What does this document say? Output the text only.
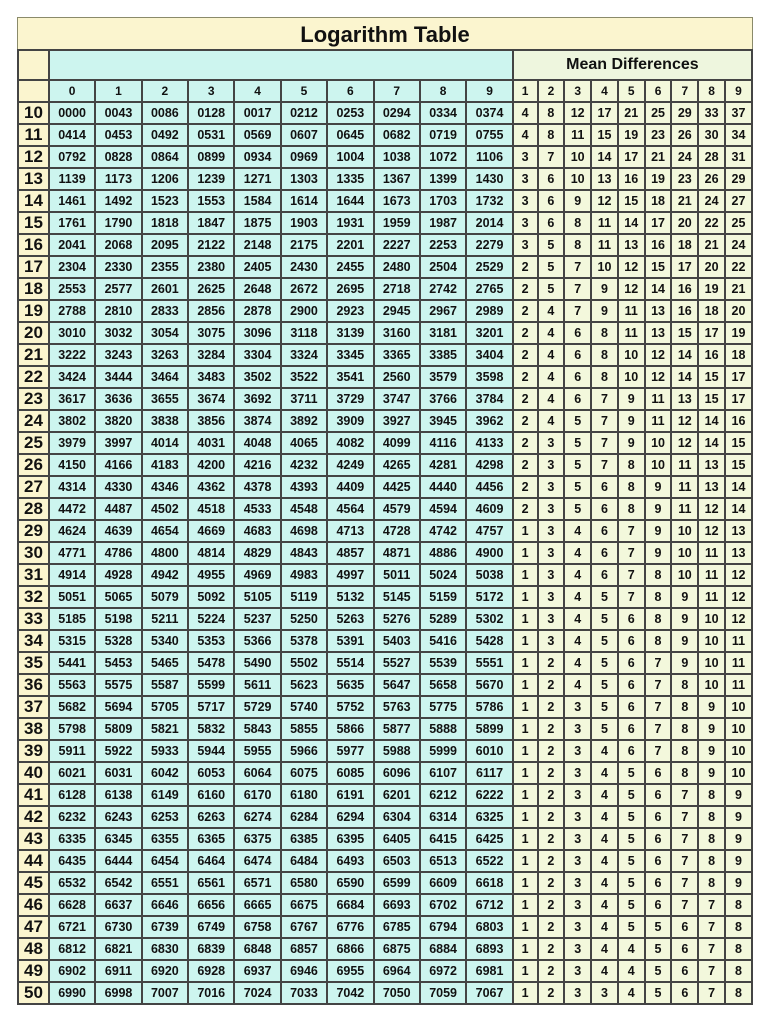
Logarithm Table
											Mean Differences								
	0	1	2	3	4	5	6	7	8	9	1	2	3	4	5	6	7	8	9
10	0000	0043	0086	0128	0017	0212	0253	0294	0334	0374	4	8	12	17	21	25	29	33	37
11	0414	0453	0492	0531	0569	0607	0645	0682	0719	0755	4	8	11	15	19	23	26	30	34
12	0792	0828	0864	0899	0934	0969	1004	1038	1072	1106	3	7	10	14	17	21	24	28	31
13	1139	1173	1206	1239	1271	1303	1335	1367	1399	1430	3	6	10	13	16	19	23	26	29
14	1461	1492	1523	1553	1584	1614	1644	1673	1703	1732	3	6	9	12	15	18	21	24	27
15	1761	1790	1818	1847	1875	1903	1931	1959	1987	2014	3	6	8	11	14	17	20	22	25
16	2041	2068	2095	2122	2148	2175	2201	2227	2253	2279	3	5	8	11	13	16	18	21	24
17	2304	2330	2355	2380	2405	2430	2455	2480	2504	2529	2	5	7	10	12	15	17	20	22
18	2553	2577	2601	2625	2648	2672	2695	2718	2742	2765	2	5	7	9	12	14	16	19	21
19	2788	2810	2833	2856	2878	2900	2923	2945	2967	2989	2	4	7	9	11	13	16	18	20
20	3010	3032	3054	3075	3096	3118	3139	3160	3181	3201	2	4	6	8	11	13	15	17	19
21	3222	3243	3263	3284	3304	3324	3345	3365	3385	3404	2	4	6	8	10	12	14	16	18
22	3424	3444	3464	3483	3502	3522	3541	2560	3579	3598	2	4	6	8	10	12	14	15	17
23	3617	3636	3655	3674	3692	3711	3729	3747	3766	3784	2	4	6	7	9	11	13	15	17
24	3802	3820	3838	3856	3874	3892	3909	3927	3945	3962	2	4	5	7	9	11	12	14	16
25	3979	3997	4014	4031	4048	4065	4082	4099	4116	4133	2	3	5	7	9	10	12	14	15
26	4150	4166	4183	4200	4216	4232	4249	4265	4281	4298	2	3	5	7	8	10	11	13	15
27	4314	4330	4346	4362	4378	4393	4409	4425	4440	4456	2	3	5	6	8	9	11	13	14
28	4472	4487	4502	4518	4533	4548	4564	4579	4594	4609	2	3	5	6	8	9	11	12	14
29	4624	4639	4654	4669	4683	4698	4713	4728	4742	4757	1	3	4	6	7	9	10	12	13
30	4771	4786	4800	4814	4829	4843	4857	4871	4886	4900	1	3	4	6	7	9	10	11	13
31	4914	4928	4942	4955	4969	4983	4997	5011	5024	5038	1	3	4	6	7	8	10	11	12
32	5051	5065	5079	5092	5105	5119	5132	5145	5159	5172	1	3	4	5	7	8	9	11	12
33	5185	5198	5211	5224	5237	5250	5263	5276	5289	5302	1	3	4	5	6	8	9	10	12
34	5315	5328	5340	5353	5366	5378	5391	5403	5416	5428	1	3	4	5	6	8	9	10	11
35	5441	5453	5465	5478	5490	5502	5514	5527	5539	5551	1	2	4	5	6	7	9	10	11
36	5563	5575	5587	5599	5611	5623	5635	5647	5658	5670	1	2	4	5	6	7	8	10	11
37	5682	5694	5705	5717	5729	5740	5752	5763	5775	5786	1	2	3	5	6	7	8	9	10
38	5798	5809	5821	5832	5843	5855	5866	5877	5888	5899	1	2	3	5	6	7	8	9	10
39	5911	5922	5933	5944	5955	5966	5977	5988	5999	6010	1	2	3	4	6	7	8	9	10
40	6021	6031	6042	6053	6064	6075	6085	6096	6107	6117	1	2	3	4	5	6	8	9	10
41	6128	6138	6149	6160	6170	6180	6191	6201	6212	6222	1	2	3	4	5	6	7	8	9
42	6232	6243	6253	6263	6274	6284	6294	6304	6314	6325	1	2	3	4	5	6	7	8	9
43	6335	6345	6355	6365	6375	6385	6395	6405	6415	6425	1	2	3	4	5	6	7	8	9
44	6435	6444	6454	6464	6474	6484	6493	6503	6513	6522	1	2	3	4	5	6	7	8	9
45	6532	6542	6551	6561	6571	6580	6590	6599	6609	6618	1	2	3	4	5	6	7	8	9
46	6628	6637	6646	6656	6665	6675	6684	6693	6702	6712	1	2	3	4	5	6	7	7	8
47	6721	6730	6739	6749	6758	6767	6776	6785	6794	6803	1	2	3	4	5	5	6	7	8
48	6812	6821	6830	6839	6848	6857	6866	6875	6884	6893	1	2	3	4	4	5	6	7	8
49	6902	6911	6920	6928	6937	6946	6955	6964	6972	6981	1	2	3	4	4	5	6	7	8
50	6990	6998	7007	7016	7024	7033	7042	7050	7059	7067	1	2	3	3	4	5	6	7	8
